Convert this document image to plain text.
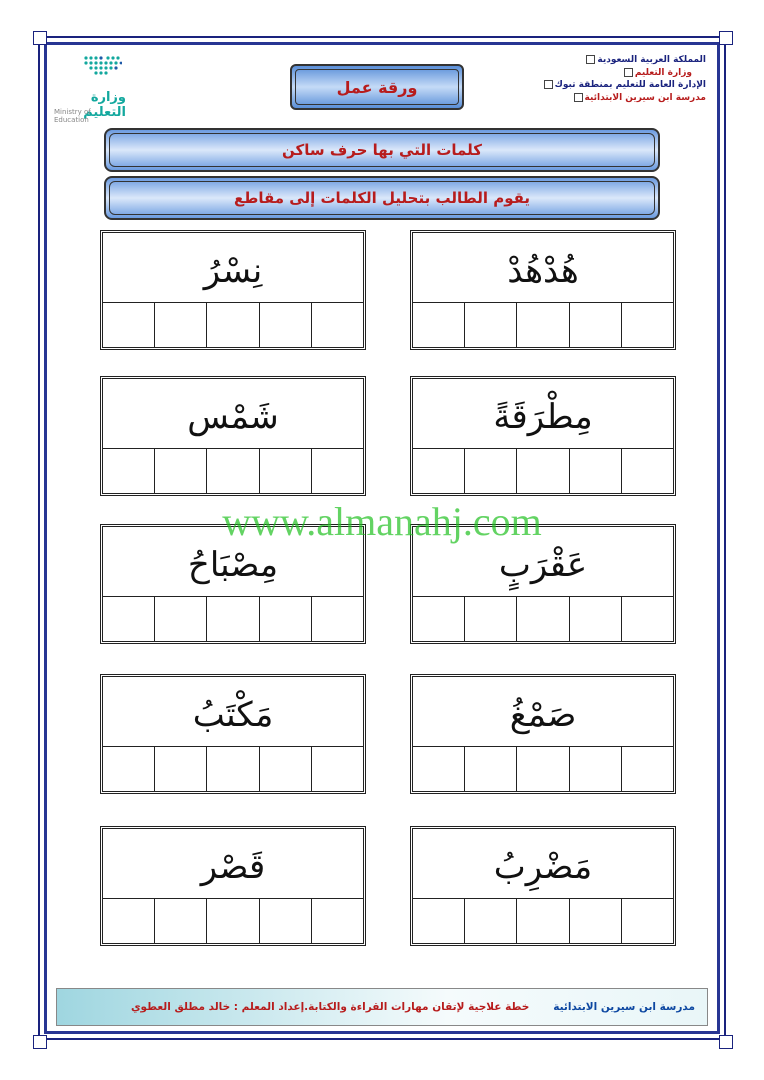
المملكة العربية السعودية
وزارة التعليم
الإدارة العامة للتعليم بمنطقة تبوك
مدرسة ابن سيرين الابتدائية
وزارة التعليم
Ministry of Education
ورقة عمل
كلمات التي بها حرف ساكن
يقوم الطالب بتحليل الكلمات إلى مقاطع
نِسْرُ	هُدْهُدْ
شَمْس	مِطْرَقَةً
مِصْبَاحُ	عَقْرَبٍ
مَكْتَبُ	صَمْغُ
قَصْر	مَضْرِبُ
www.almanahj.com
مدرسة ابن سيرين الابتدائية
خطة علاجية لإتقان مهارات القراءة والكتابة
.إعداد المعلم : خالد مطلق العطوي
